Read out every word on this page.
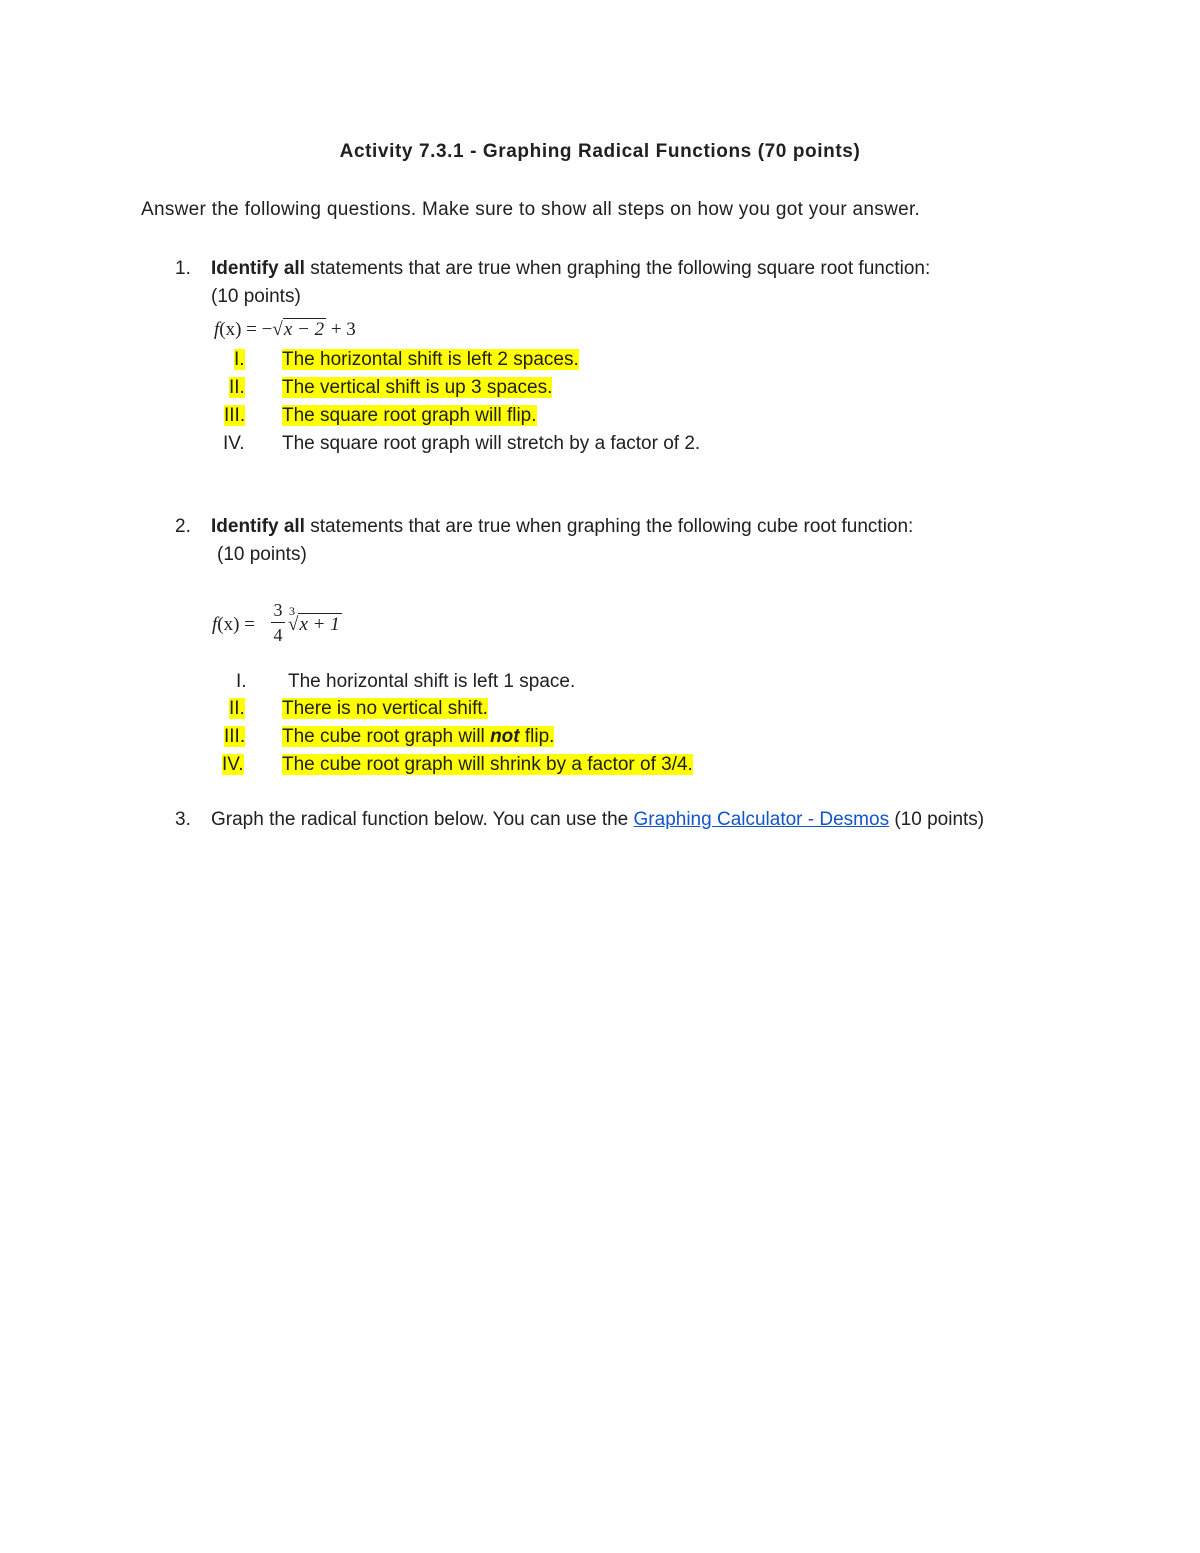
Activity 7.3.1 - Graphing Radical Functions (70 points)
Answer the following questions. Make sure to show all steps on how you got your answer.
1. Identify all statements that are true when graphing the following square root function:
(10 points)
f(x) = −√x − 2 + 3
I. The horizontal shift is left 2 spaces.
II. The vertical shift is up 3 spaces.
III. The square root graph will flip.
IV. The square root graph will stretch by a factor of 2.
2. Identify all statements that are true when graphing the following cube root function:
(10 points)
f(x) =
3
4
3
√x + 1
I. The horizontal shift is left 1 space.
II. There is no vertical shift.
III. The cube root graph will not flip.
IV. The cube root graph will shrink by a factor of 3/4.
3. Graph the radical function below. You can use the Graphing Calculator - Desmos (10 points)
